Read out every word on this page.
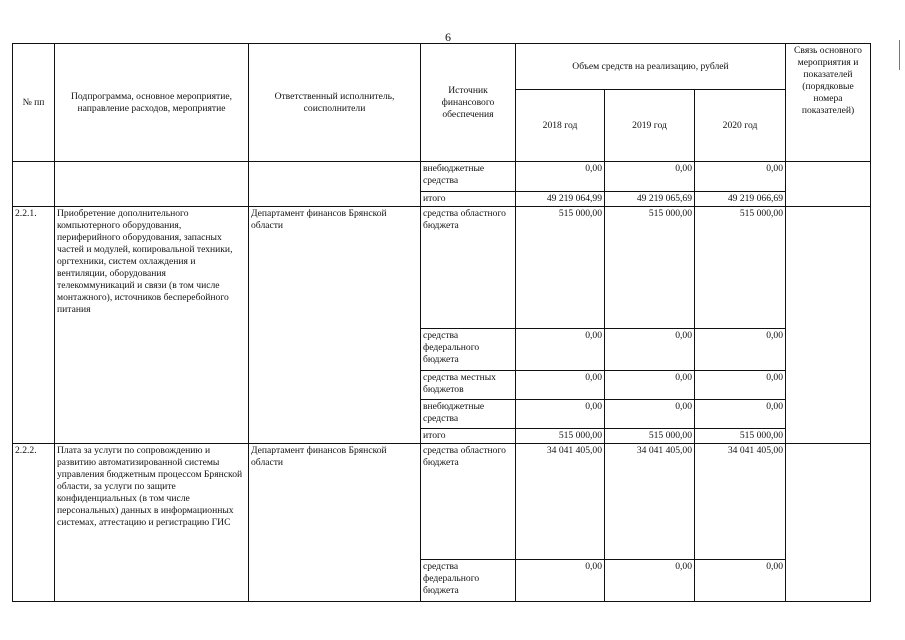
6
№ пп	Подпрограмма, основное мероприятие, направление расходов, мероприятие	Ответственный исполнитель, соисполнители	Источник финансового обеспечения	Объем средств на реализацию, рублей			Связь основного мероприятия и показателей (порядковые номера показателей)
				2018 год	2019 год	2020 год	
			внебюджетные средства	0,00	0,00	0,00	
			итого	49 219 064,99	49 219 065,69	49 219 066,69	
2.2.1.	Приобретение дополнительного компьютерного оборудования, периферийного оборудования, запасных частей и модулей, копировальной техники, оргтехники, систем охлаждения и вентиляции, оборудования телекоммуникаций и связи (в том числе монтажного), источников бесперебойного питания	Департамент финансов Брянской области	средства областного бюджета	515 000,00	515 000,00	515 000,00	
			средства федерального бюджета	0,00	0,00	0,00	
			средства местных бюджетов	0,00	0,00	0,00	
			внебюджетные средства	0,00	0,00	0,00	
			итого	515 000,00	515 000,00	515 000,00	
2.2.2.	Плата за услуги по сопровождению и развитию автоматизированной системы управления бюджетным процессом Брянской области, за услуги по защите конфиденциальных (в том числе персональных) данных в информационных системах, аттестацию и регистрацию ГИС	Департамент финансов Брянской области	средства областного бюджета	34 041 405,00	34 041 405,00	34 041 405,00	
			средства федерального бюджета	0,00	0,00	0,00	
